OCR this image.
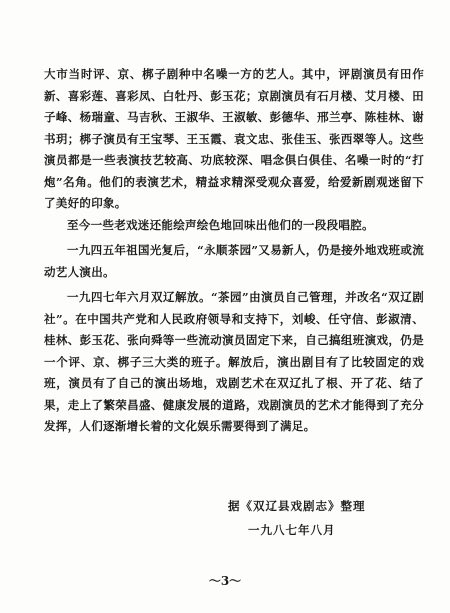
大市当时评、京、梆子剧种中名噪一方的艺人。其中，评剧演员有田作新、喜彩莲、喜彩凤、白牡丹、彭玉花；京剧演员有石月楼、艾月楼、田子峰、杨瑞童、马吉秋、王淑华、王淑敏、彭德华、邢兰亭、陈桂林、谢书玥；梆子演员有王宝琴、王玉霞、袁文忠、张佳玉、张西翠等人。这些演员都是一些表演技艺较高、功底较深、唱念俱白俱佳、名噪一时的“打炮”名角。他们的表演艺术，精益求精深受观众喜爱，给爱新剧观迷留下了美好的印象。

至今一些老戏迷还能绘声绘色地回味出他们的一段段唱腔。

一九四五年祖国光复后，“永顺茶园”又易新人，仍是接外地戏班或流动艺人演出。

一九四七年六月双辽解放。“茶园”由演员自己管理，并改名“双辽剧社”。在中国共产党和人民政府领导和支持下，刘峻、任守信、彭淑清、桂林、彭玉花、张向舜等一些流动演员固定下来，自己搞组班演戏，仍是一个评、京、梆子三大类的班子。解放后，演出剧目有了比较固定的戏班，演员有了自己的演出场地，戏剧艺术在双辽扎了根、开了花、结了果，走上了繁荣昌盛、健康发展的道路，戏剧演员的艺术才能得到了充分发挥，人们逐渐增长着的文化娱乐需要得到了满足。

据《双辽县戏剧志》整理
一九八七年八月
～3～
